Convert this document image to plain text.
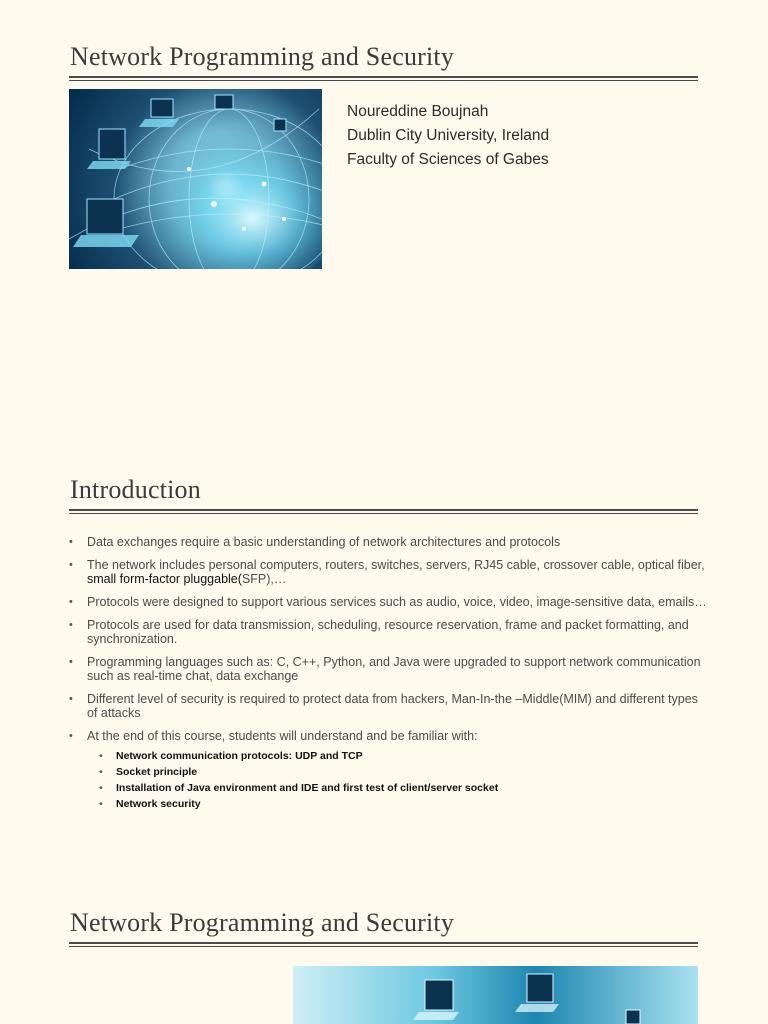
Network Programming and Security
Noureddine Boujnah
Dublin City University, Ireland
Faculty of Sciences of Gabes
Introduction
• Data exchanges require a basic understanding of network architectures and protocols
• The network includes personal computers, routers, switches, servers, RJ45 cable, crossover cable, optical fiber, small form-factor pluggable(SFP),…
• Protocols were designed to support various services such as audio, voice, video, image-sensitive data, emails…
• Protocols are used for data transmission, scheduling, resource reservation, frame and packet formatting, and synchronization.
• Programming languages such as: C, C++, Python, and Java were upgraded to support network communication such as real-time chat, data exchange
• Different level of security is required to protect data from hackers, Man-In-the –Middle(MIM) and different types of attacks
• At the end of this course, students will understand and be familiar with:
• Network communication protocols: UDP and TCP
• Socket principle
• Installation of Java environment and IDE and first test of client/server socket
• Network security
Network Programming and Security
